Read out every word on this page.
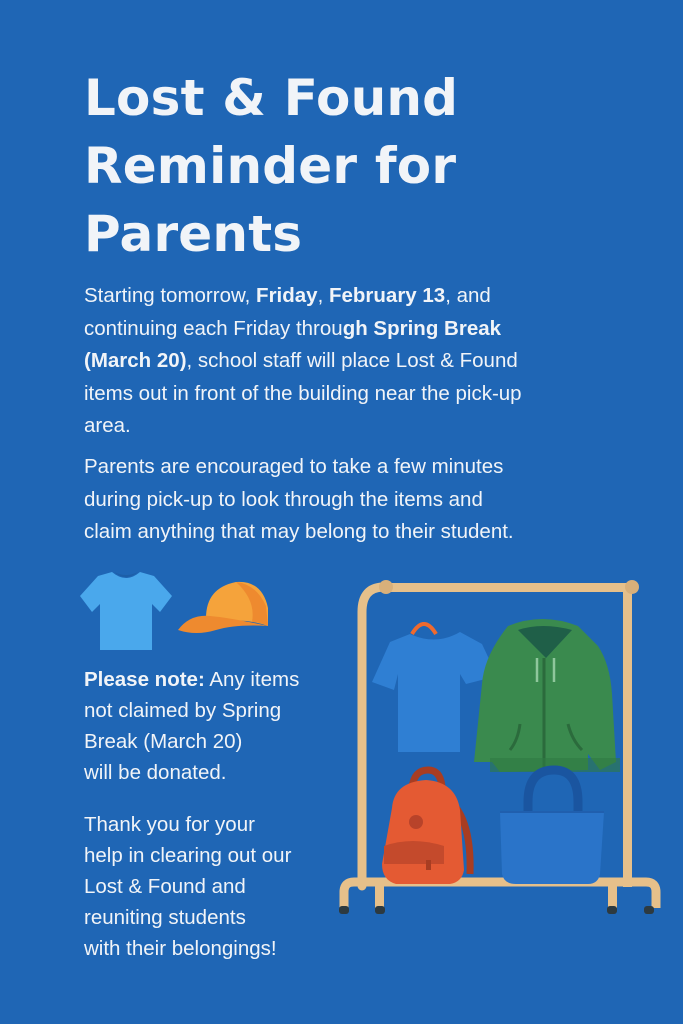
Lost & Found
Reminder for
Parents
Starting tomorrow, Friday, February 13, and
continuing each Friday through Spring Break
(March 20), school staff will place Lost & Found
items out in front of the building near the pick-up
area.
Parents are encouraged to take a few minutes
during pick-up to look through the items and
claim anything that may belong to their student.
Please note: Any items
not claimed by Spring
Break (March 20)
will be donated.
Thank you for your
help in clearing out our
Lost & Found and
reuniting students
with their belongings!
